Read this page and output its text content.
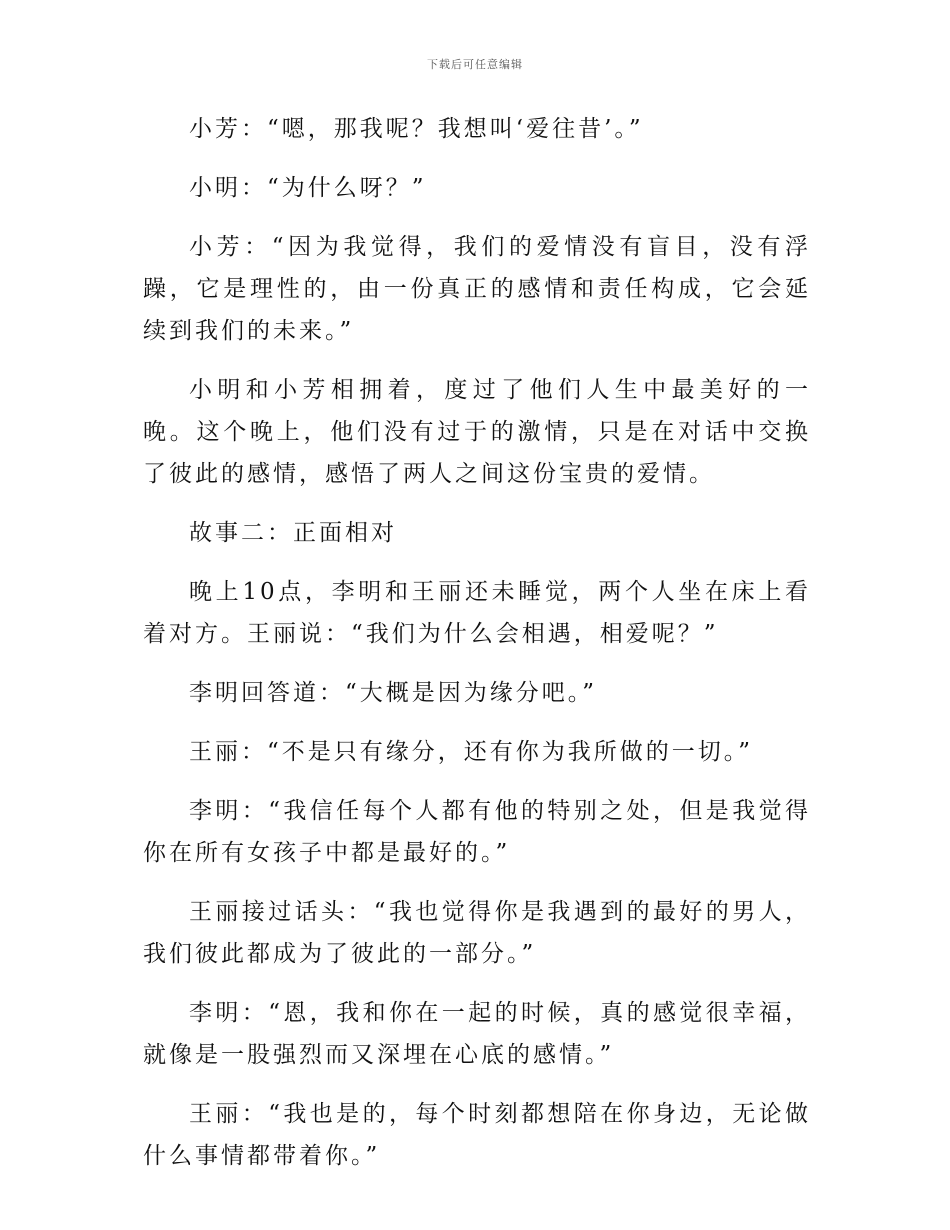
下载后可任意编辑

小芳：“嗯，那我呢？我想叫‘爱往昔’。”

小明：“为什么呀？”

小芳：“因为我觉得，我们的爱情没有盲目，没有浮躁，它是理性的，由一份真正的感情和责任构成，它会延续到我们的未来。”

小明和小芳相拥着，度过了他们人生中最美好的一晚。这个晚上，他们没有过于的激情，只是在对话中交换了彼此的感情，感悟了两人之间这份宝贵的爱情。

故事二：正面相对

晚上10点，李明和王丽还未睡觉，两个人坐在床上看着对方。王丽说：“我们为什么会相遇，相爱呢？”

李明回答道：“大概是因为缘分吧。”

王丽：“不是只有缘分，还有你为我所做的一切。”

李明：“我信任每个人都有他的特别之处，但是我觉得你在所有女孩子中都是最好的。”

王丽接过话头：“我也觉得你是我遇到的最好的男人，我们彼此都成为了彼此的一部分。”

李明：“恩，我和你在一起的时候，真的感觉很幸福，就像是一股强烈而又深埋在心底的感情。”

王丽：“我也是的，每个时刻都想陪在你身边，无论做什么事情都带着你。”
